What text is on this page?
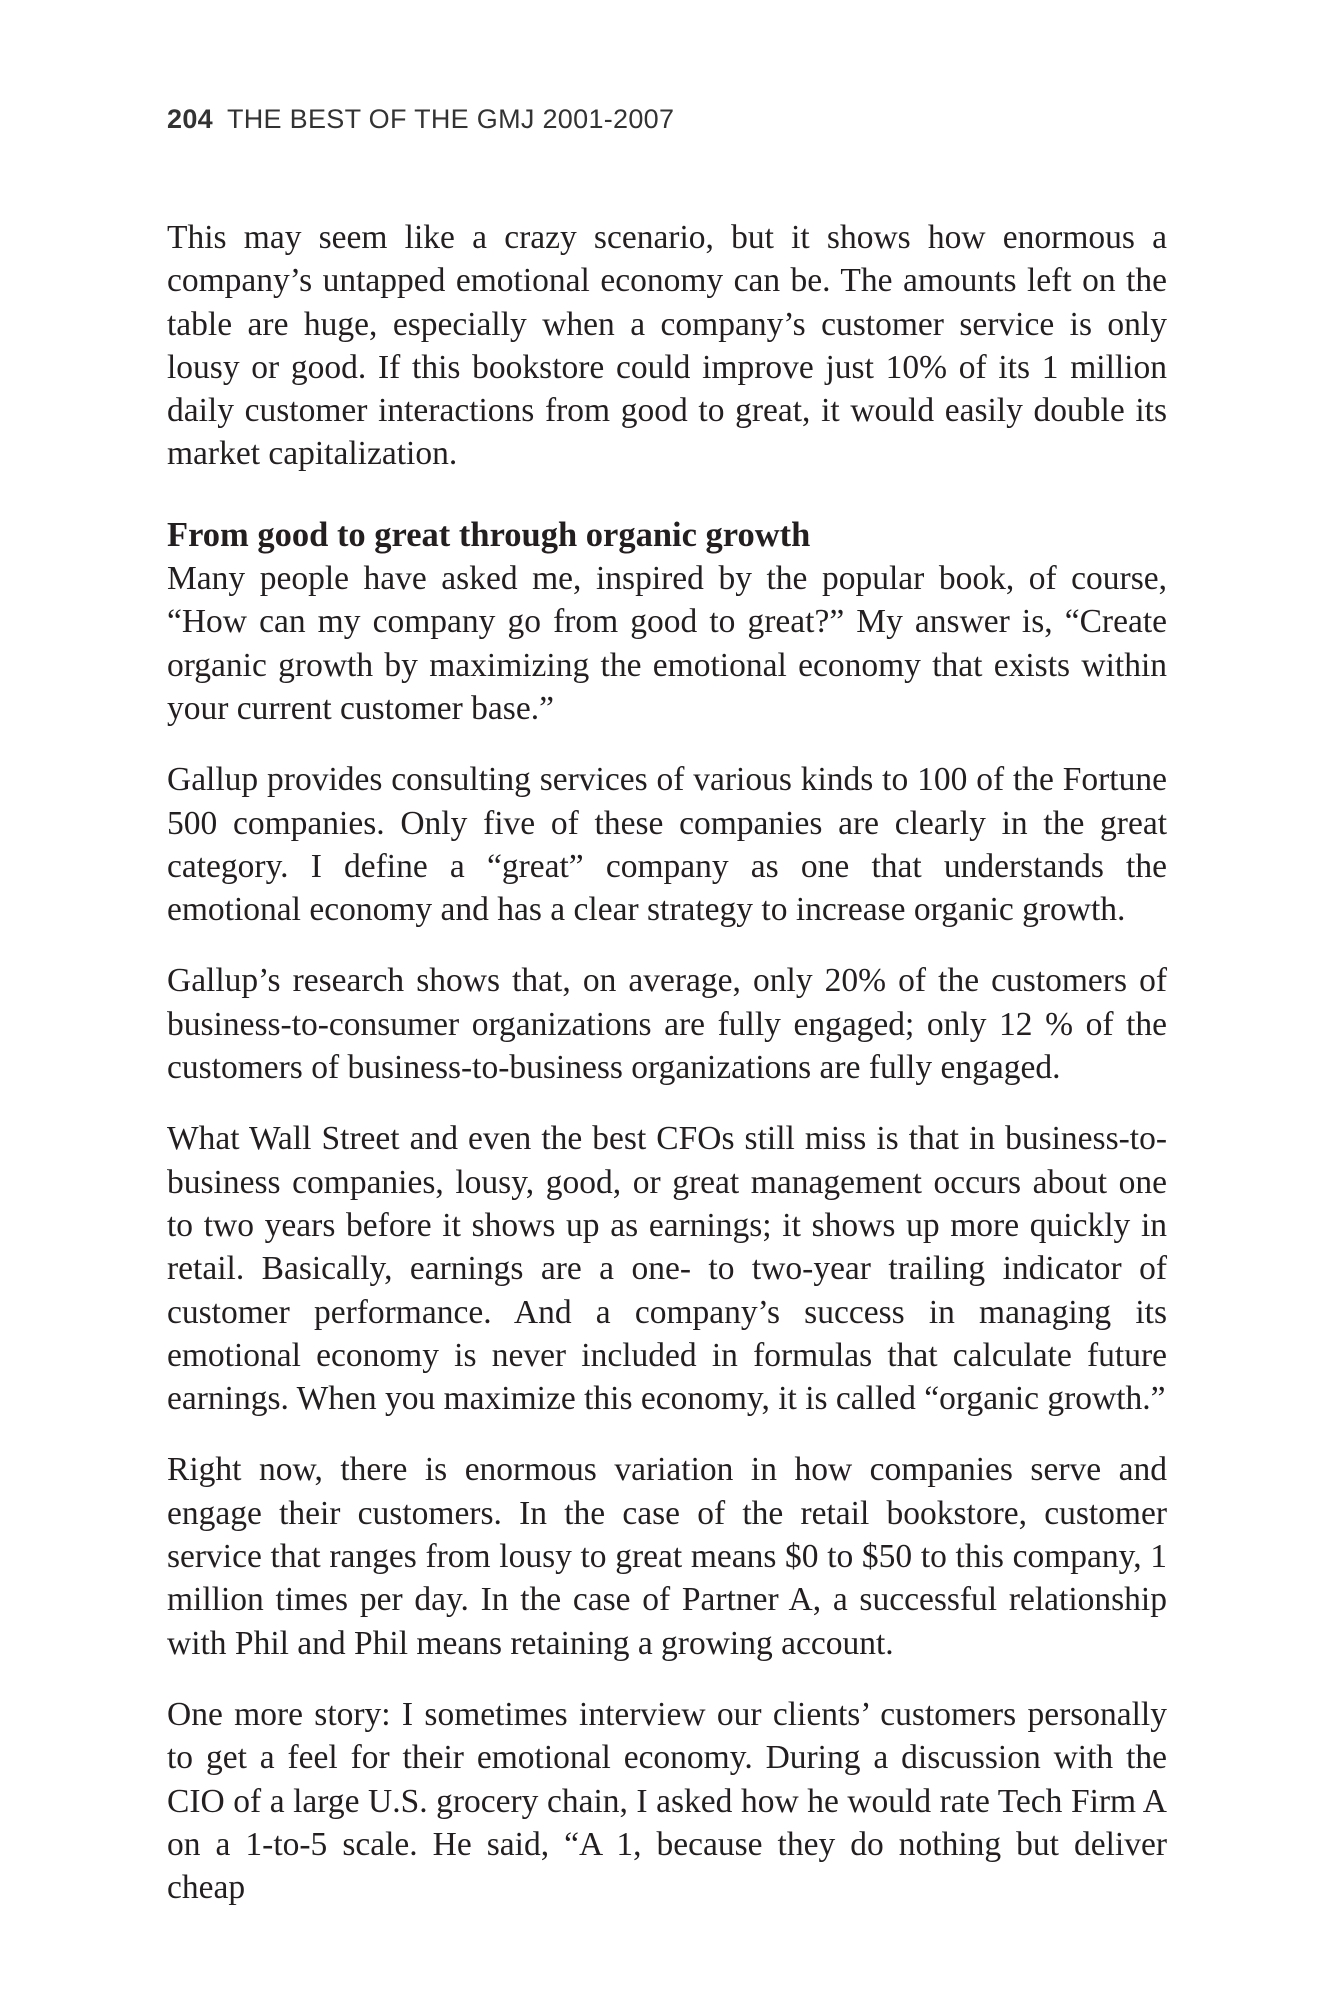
204 THE BEST OF THE GMJ 2001-2007

This may seem like a crazy scenario, but it shows how enormous a company’s untapped emotional economy can be. The amounts left on the table are huge, especially when a company’s customer service is only lousy or good. If this bookstore could improve just 10% of its 1 million daily customer interactions from good to great, it would easily double its market capitalization.

From good to great through organic growth

Many people have asked me, inspired by the popular book, of course, “How can my company go from good to great?” My answer is, “Create organic growth by maximizing the emotional economy that exists within your current customer base.”

Gallup provides consulting services of various kinds to 100 of the Fortune 500 companies. Only five of these companies are clearly in the great category. I define a “great” company as one that understands the emotional economy and has a clear strategy to increase organic growth.

Gallup’s research shows that, on average, only 20% of the customers of business-to-consumer organizations are fully engaged; only 12 % of the customers of business-to-business organizations are fully engaged.

What Wall Street and even the best CFOs still miss is that in business-to-business companies, lousy, good, or great management occurs about one to two years before it shows up as earnings; it shows up more quickly in retail. Basically, earnings are a one- to two-year trailing indicator of customer performance. And a company’s success in managing its emotional economy is never included in formulas that calculate future earnings. When you maximize this economy, it is called “organic growth.”

Right now, there is enormous variation in how companies serve and engage their customers. In the case of the retail bookstore, customer service that ranges from lousy to great means $0 to $50 to this company, 1 million times per day. In the case of Partner A, a successful relationship with Phil and Phil means retaining a growing account.

One more story: I sometimes interview our clients’ customers personally to get a feel for their emotional economy. During a discussion with the CIO of a large U.S. grocery chain, I asked how he would rate Tech Firm A on a 1-to-5 scale. He said, “A 1, because they do nothing but deliver cheap
